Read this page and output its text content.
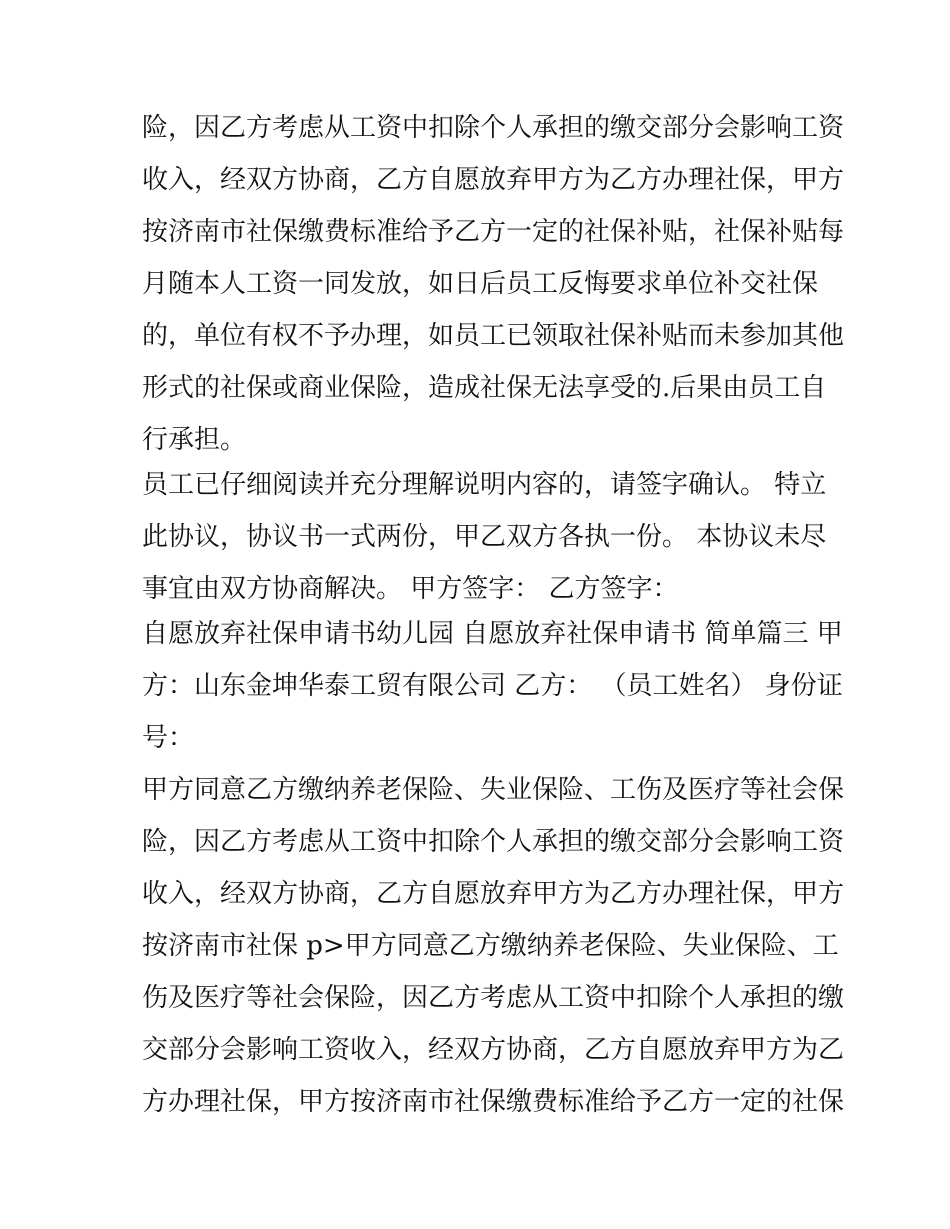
险，因乙方考虑从工资中扣除个人承担的缴交部分会影响工资
收入，经双方协商，乙方自愿放弃甲方为乙方办理社保，甲方
按济南市社保缴费标准给予乙方一定的社保补贴，社保补贴每
月随本人工资一同发放，如日后员工反悔要求单位补交社保
的，单位有权不予办理，如员工已领取社保补贴而未参加其他
形式的社保或商业保险，造成社保无法享受的.后果由员工自
行承担。
员工已仔细阅读并充分理解说明内容的，请签字确认。 特立
此协议，协议书一式两份，甲乙双方各执一份。 本协议未尽
事宜由双方协商解决。 甲方签字： 乙方签字：
自愿放弃社保申请书幼儿园 自愿放弃社保申请书 简单篇三 甲
方：山东金坤华泰工贸有限公司 乙方： （员工姓名） 身份证
号：
甲方同意乙方缴纳养老保险、失业保险、工伤及医疗等社会保
险，因乙方考虑从工资中扣除个人承担的缴交部分会影响工资
收入，经双方协商，乙方自愿放弃甲方为乙方办理社保，甲方
按济南市社保 p>甲方同意乙方缴纳养老保险、失业保险、工
伤及医疗等社会保险，因乙方考虑从工资中扣除个人承担的缴
交部分会影响工资收入，经双方协商，乙方自愿放弃甲方为乙
方办理社保，甲方按济南市社保缴费标准给予乙方一定的社保
